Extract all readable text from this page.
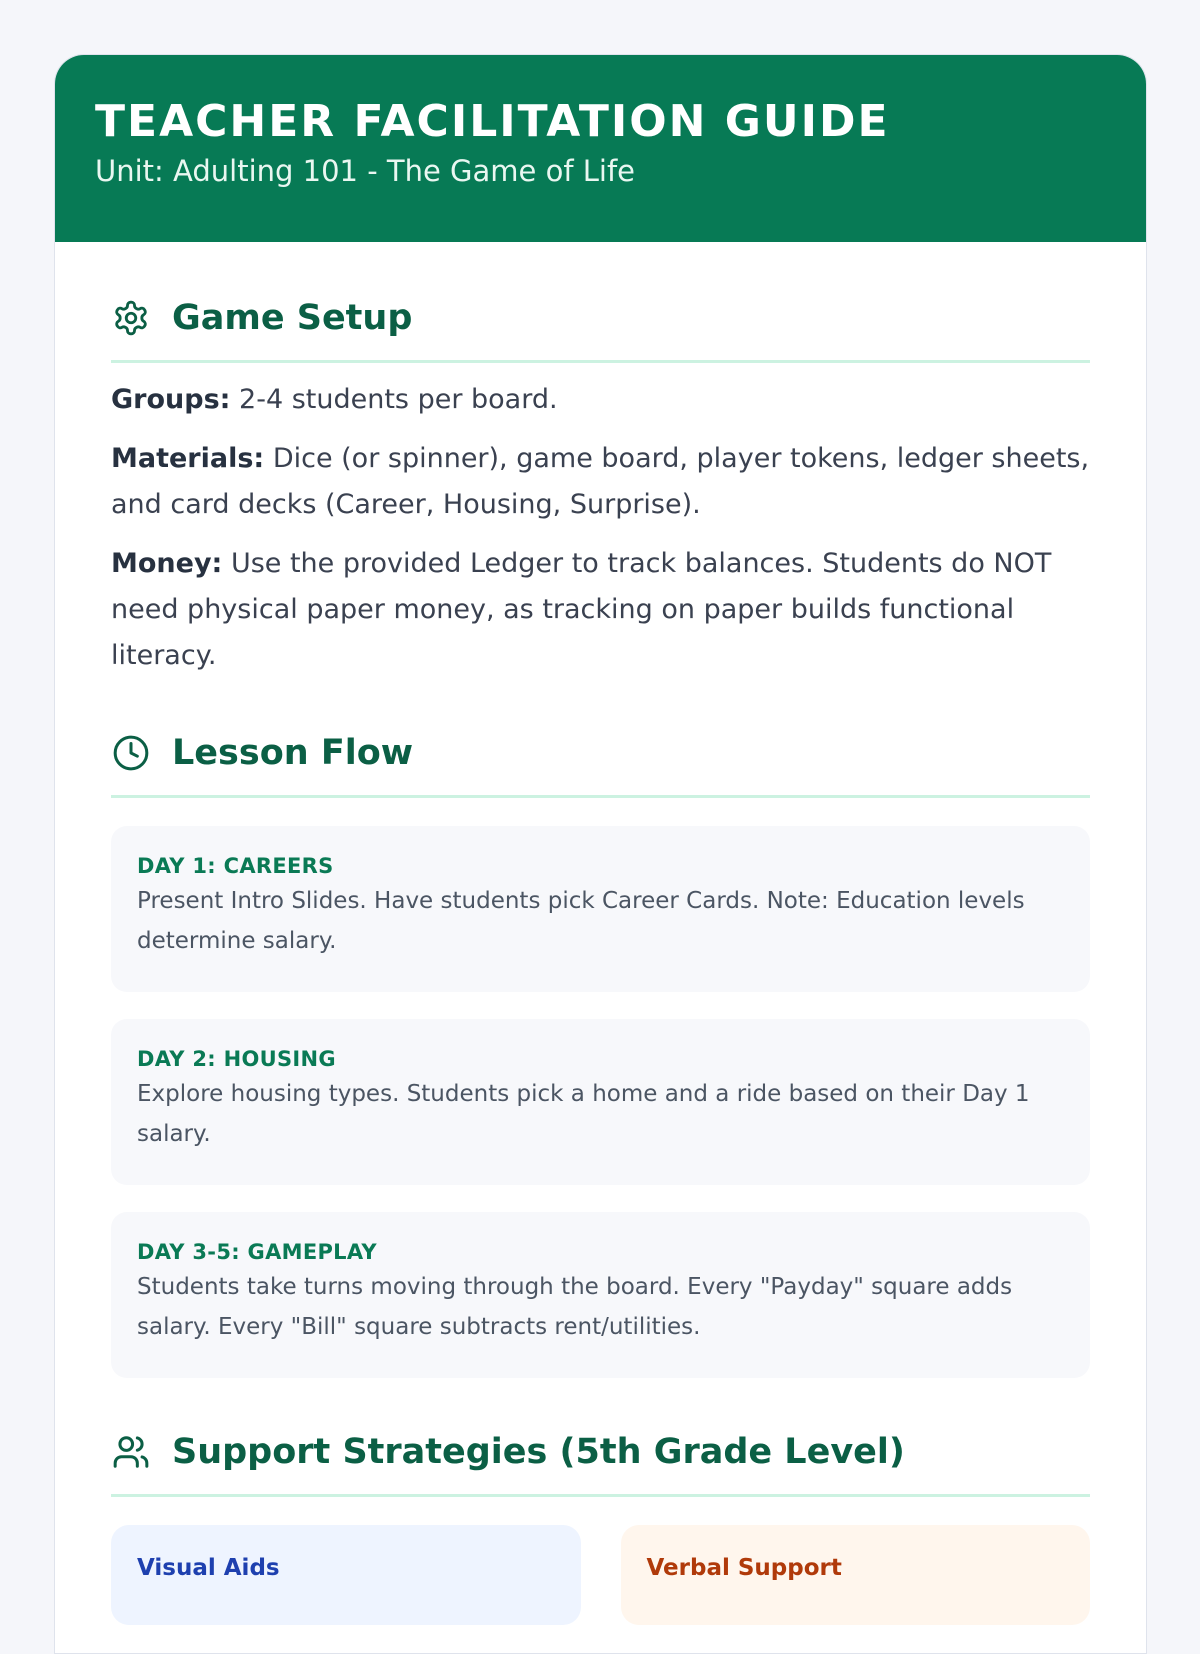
TEACHER FACILITATION GUIDE
Unit: Adulting 101 - The Game of Life
Game Setup

Groups: 2-4 students per board.

Materials: Dice (or spinner), game board, player tokens, ledger sheets, and card decks (Career, Housing, Surprise).

Money: Use the provided Ledger to track balances. Students do NOT need physical paper money, as tracking on paper builds functional literacy.

Lesson Flow
DAY 1: CAREERS
Present Intro Slides. Have students pick Career Cards. Note: Education levels determine salary.
DAY 2: HOUSING
Explore housing types. Students pick a home and a ride based on their Day 1 salary.
DAY 3-5: GAMEPLAY
Students take turns moving through the board. Every "Payday" square adds salary. Every "Bill" square subtracts rent/utilities.
Support Strategies (5th Grade Level)
Visual Aids	Verbal Support
